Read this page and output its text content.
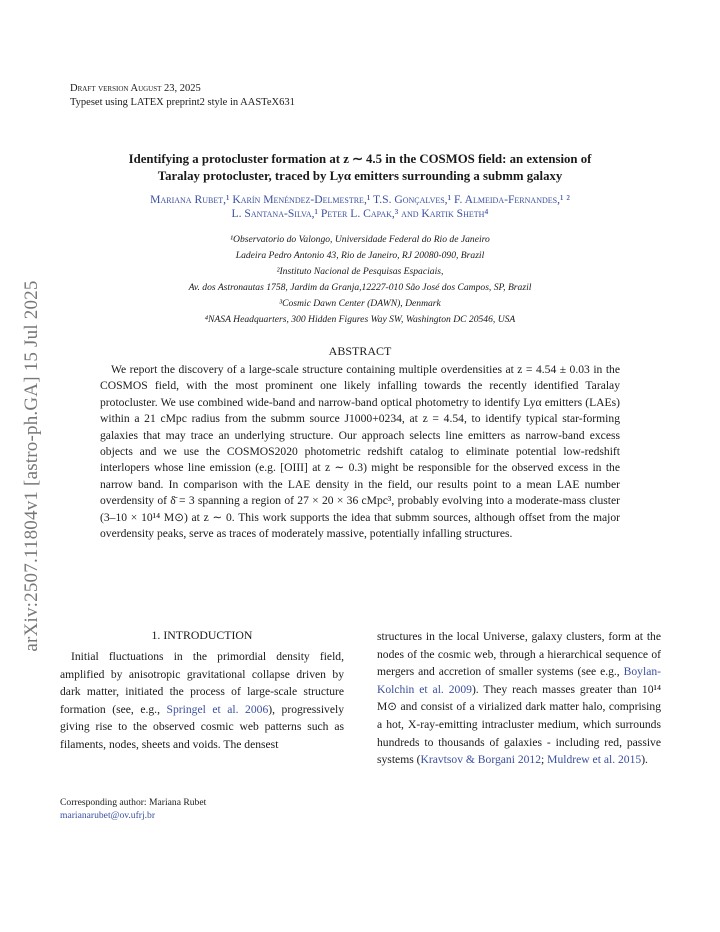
arXiv:2507.11804v1 [astro-ph.GA] 15 Jul 2025
Draft version August 23, 2025
Typeset using LATEX preprint2 style in AASTeX631
Identifying a protocluster formation at z ∼ 4.5 in the COSMOS field: an extension of
Taralay protocluster, traced by Lyα emitters surrounding a submm galaxy
Mariana Rubet,¹ Karín Menéndez-Delmestre,¹ T.S. Gonçalves,¹ F. Almeida-Fernandes,¹ ²
L. Santana-Silva,¹ Peter L. Capak,³ and Kartik Sheth⁴
¹Observatorio do Valongo, Universidade Federal do Rio de Janeiro
Ladeira Pedro Antonio 43, Rio de Janeiro, RJ 20080-090, Brazil
²Instituto Nacional de Pesquisas Espaciais,
Av. dos Astronautas 1758, Jardim da Granja,12227-010 São José dos Campos, SP, Brazil
³Cosmic Dawn Center (DAWN), Denmark
⁴NASA Headquarters, 300 Hidden Figures Way SW, Washington DC 20546, USA
ABSTRACT
We report the discovery of a large-scale structure containing multiple overdensities at z = 4.54 ± 0.03 in the COSMOS field, with the most prominent one likely infalling towards the recently identified Taralay protocluster. We use combined wide-band and narrow-band optical photometry to identify Lyα emitters (LAEs) within a 21 cMpc radius from the submm source J1000+0234, at z = 4.54, to identify typical star-forming galaxies that may trace an underlying structure. Our approach selects line emitters as narrow-band excess objects and we use the COSMOS2020 photometric redshift catalog to eliminate potential low-redshift interlopers whose line emission (e.g. [OIII] at z ∼ 0.3) might be responsible for the observed excess in the narrow band. In comparison with the LAE density in the field, our results point to a mean LAE number overdensity of δ̄ = 3 spanning a region of 27 × 20 × 36 cMpc³, probably evolving into a moderate-mass cluster (3–10 × 10¹⁴ M⊙) at z ∼ 0. This work supports the idea that submm sources, although offset from the major overdensity peaks, serve as traces of moderately massive, potentially infalling structures.
1. INTRODUCTION
Initial fluctuations in the primordial density field, amplified by anisotropic gravitational collapse driven by dark matter, initiated the process of large-scale structure formation (see, e.g., Springel et al. 2006), progressively giving rise to the observed cosmic web patterns such as filaments, nodes, sheets and voids. The densest
structures in the local Universe, galaxy clusters, form at the nodes of the cosmic web, through a hierarchical sequence of mergers and accretion of smaller systems (see e.g., Boylan-Kolchin et al. 2009). They reach masses greater than 10¹⁴ M⊙ and consist of a virialized dark matter halo, comprising a hot, X-ray-emitting intracluster medium, which surrounds hundreds to thousands of galaxies - including red, passive systems (Kravtsov & Borgani 2012; Muldrew et al. 2015).
Corresponding author: Mariana Rubet
marianarubet@ov.ufrj.br
